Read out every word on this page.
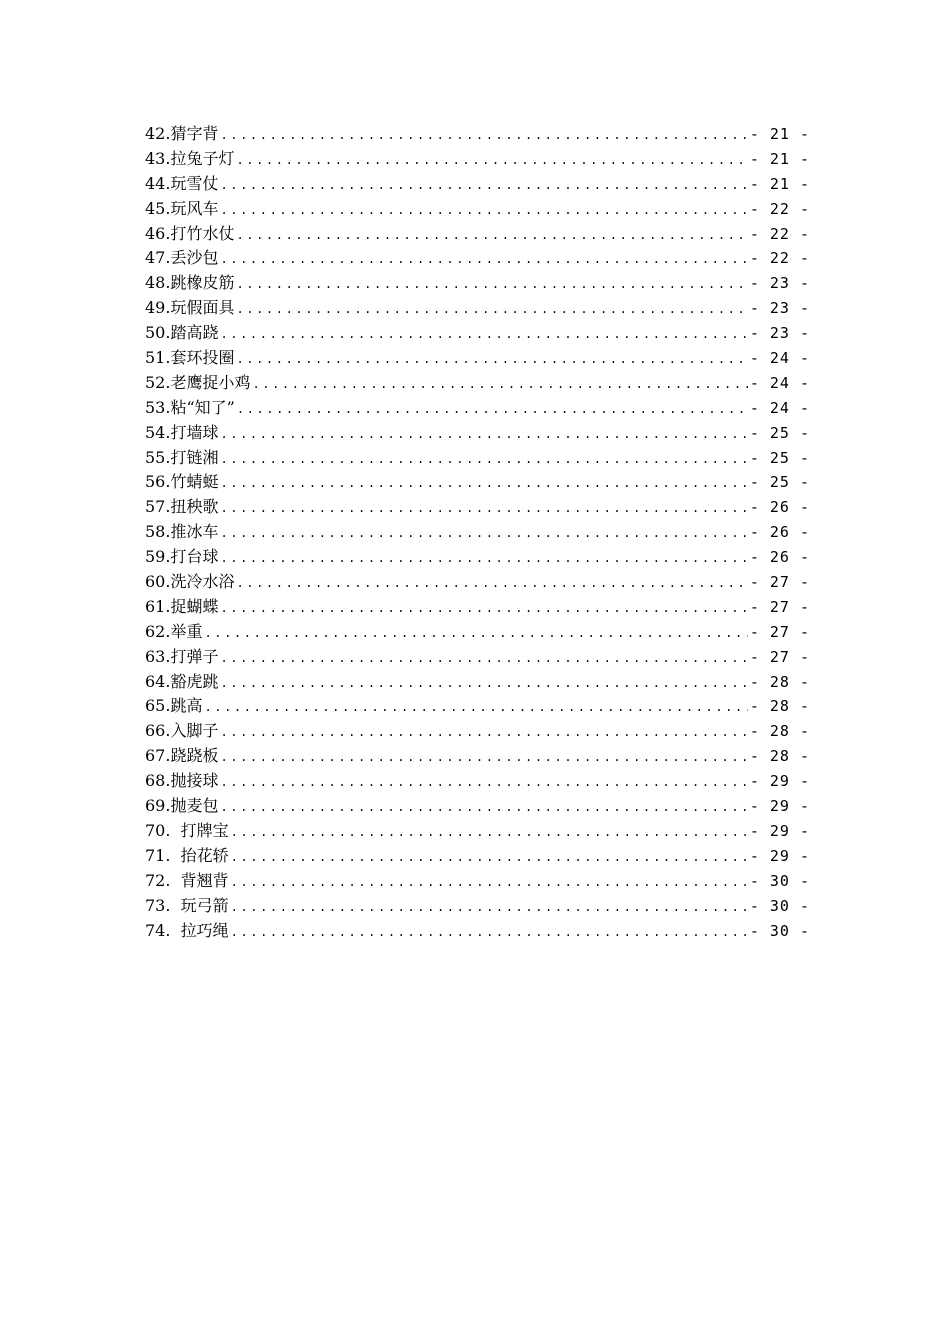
42.猜字背 .....	- 21 -
43.拉兔子灯 .....	- 21 -
44.玩雪仗 .....	- 21 -
45.玩风车 .....	- 22 -
46.打竹水仗 .....	- 22 -
47.丢沙包 .....	- 22 -
48.跳橡皮筋 .....	- 23 -
49.玩假面具 .....	- 23 -
50.踏高跷 .....	- 23 -
51.套环投圈 .....	- 24 -
52.老鹰捉小鸡 .....	- 24 -
53.粘“知了” .....	- 24 -
54.打墙球 .....	- 25 -
55.打链湘 .....	- 25 -
56.竹蜻蜓 .....	- 25 -
57.扭秧歌 .....	- 26 -
58.推冰车 .....	- 26 -
59.打台球 .....	- 26 -
60.洗冷水浴 .....	- 27 -
61.捉蝴蝶 .....	- 27 -
62.举重 .....	- 27 -
63.打弹子 .....	- 27 -
64.豁虎跳 .....	- 28 -
65.跳高 .....	- 28 -
66.入脚子 .....	- 28 -
67.跷跷板 .....	- 28 -
68.抛接球 .....	- 29 -
69.抛麦包 .....	- 29 -
70.  打牌宝 .....	- 29 -
71.  抬花轿 .....	- 29 -
72.  背翘背 .....	- 30 -
73.  玩弓箭 .....	- 30 -
74.  拉巧绳 .....	- 30 -
